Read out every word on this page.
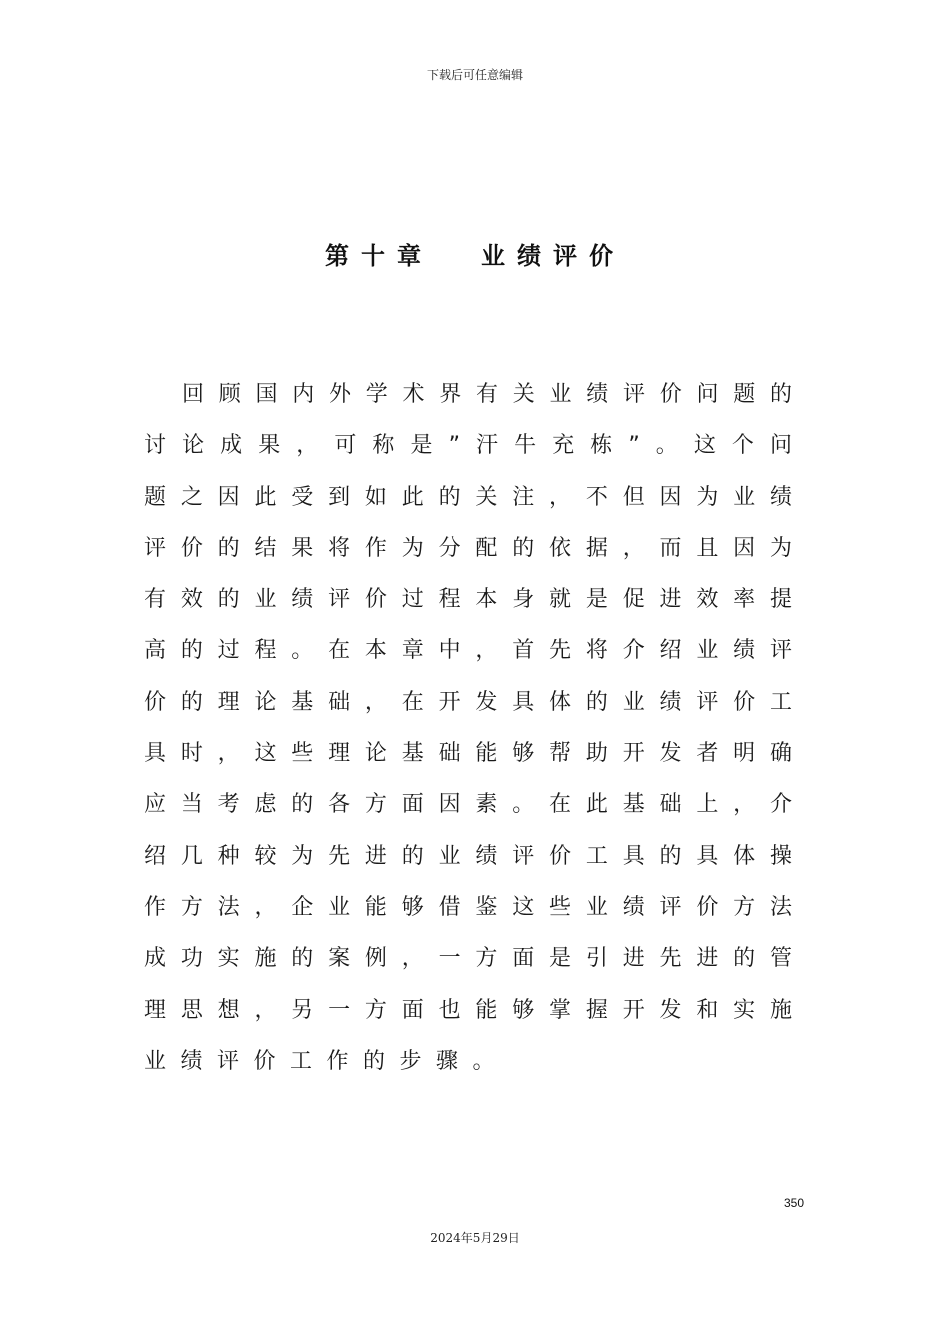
下载后可任意编辑
第十章 业绩评价
回顾国内外学术界有关业绩评价问题的
讨论成果，可称是”汗牛充栋”。这个问
题之因此受到如此的关注，不但因为业绩
评价的结果将作为分配的依据，而且因为
有效的业绩评价过程本身就是促进效率提
高的过程。在本章中，首先将介绍业绩评
价的理论基础，在开发具体的业绩评价工
具时，这些理论基础能够帮助开发者明确
应当考虑的各方面因素。在此基础上，介
绍几种较为先进的业绩评价工具的具体操
作方法，企业能够借鉴这些业绩评价方法
成功实施的案例，一方面是引进先进的管
理思想，另一方面也能够掌握开发和实施
业绩评价工作的步骤。
350
2024年5月29日
